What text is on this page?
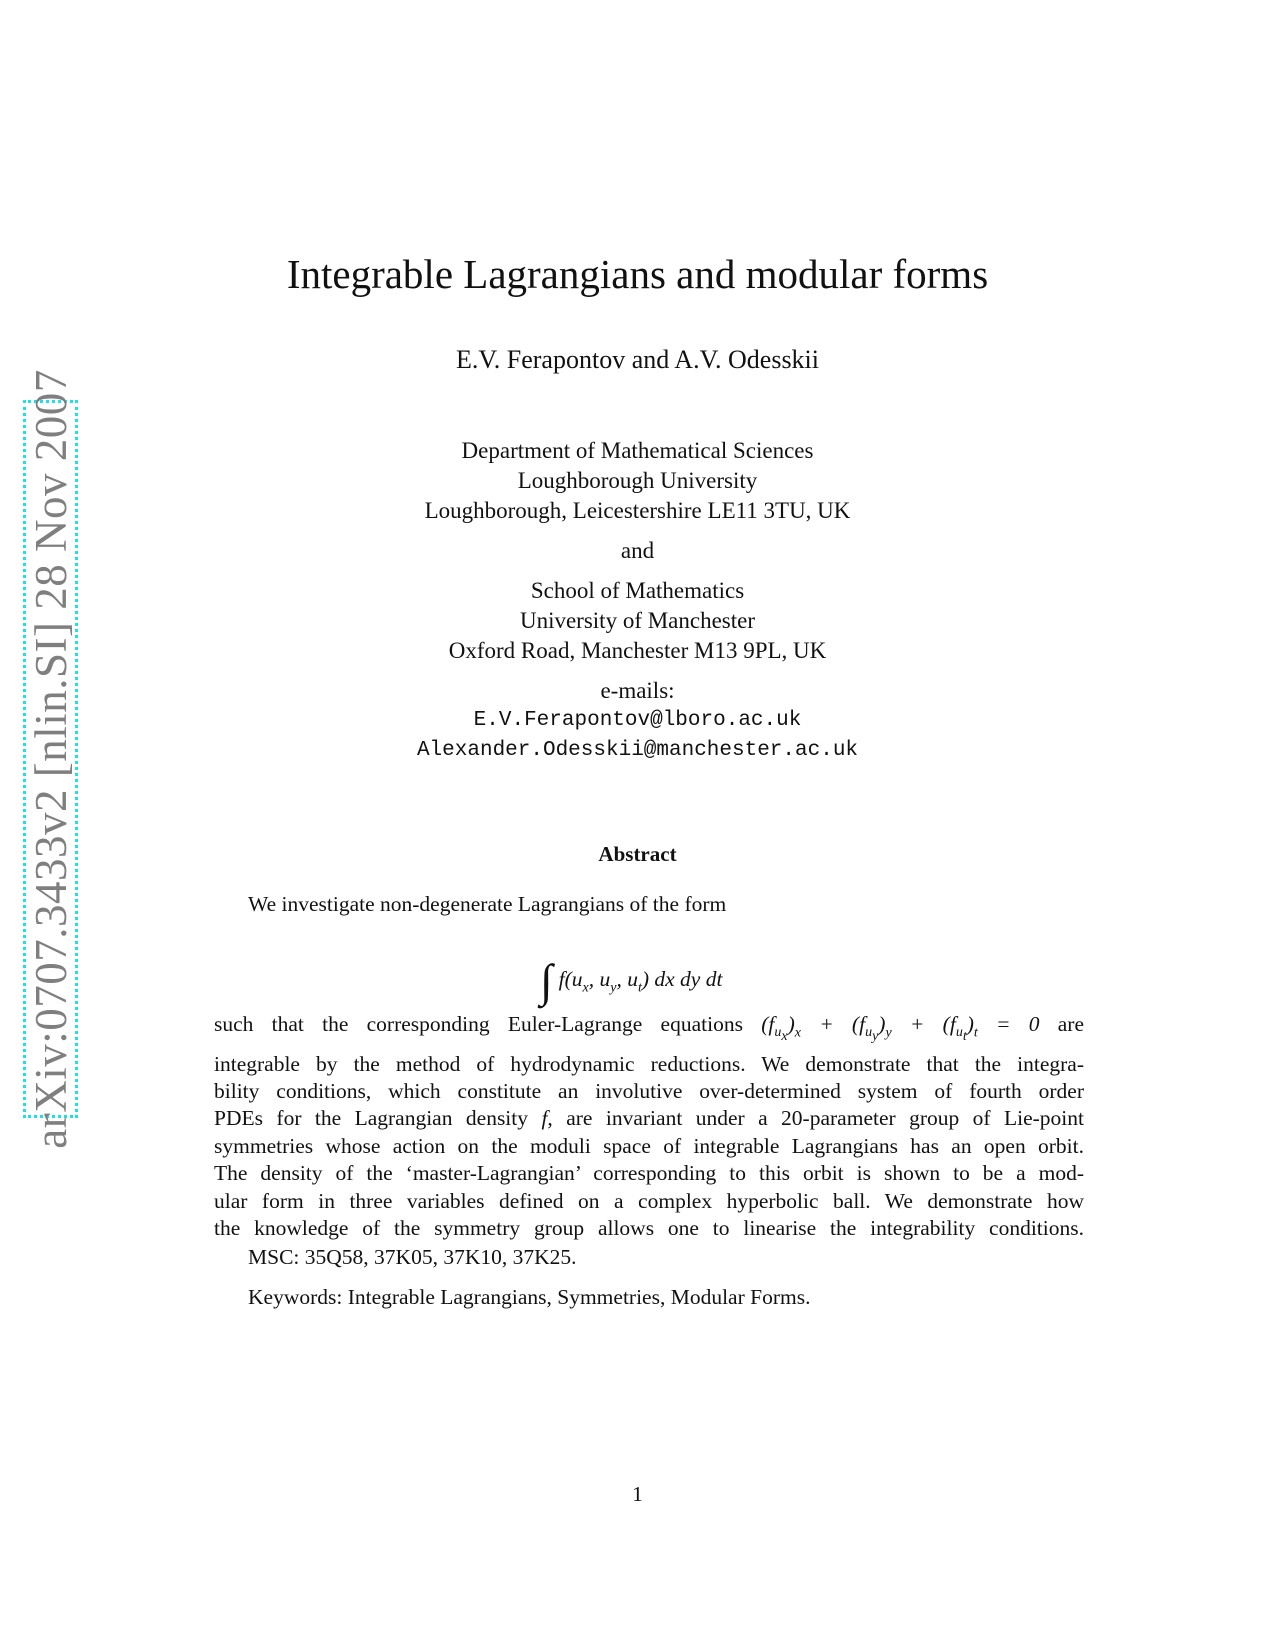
arXiv:0707.3433v2 [nlin.SI] 28 Nov 2007
Integrable Lagrangians and modular forms
E.V. Ferapontov and A.V. Odesskii
Department of Mathematical Sciences
Loughborough University
Loughborough, Leicestershire LE11 3TU, UK
and
School of Mathematics
University of Manchester
Oxford Road, Manchester M13 9PL, UK
e-mails:
E.V.Ferapontov@lboro.ac.uk
Alexander.Odesskii@manchester.ac.uk
Abstract
We investigate non-degenerate Lagrangians of the form
∫ $f(u_x$, $u_y$, $u_t$) dx dy dt
such that the corresponding Euler-Lagrange equations $(f_{u_x})_x + (f_{u_y})_y + (f_{u_t})_t = 0$ are
integrable by the method of hydrodynamic reductions. We demonstrate that the integra-
bility conditions, which constitute an involutive over-determined system of fourth order
PDEs for the Lagrangian density f, are invariant under a 20-parameter group of Lie-point
symmetries whose action on the moduli space of integrable Lagrangians has an open orbit.
The density of the ‘master-Lagrangian’ corresponding to this orbit is shown to be a mod-
ular form in three variables defined on a complex hyperbolic ball. We demonstrate how
the knowledge of the symmetry group allows one to linearise the integrability conditions.
MSC: 35Q58, 37K05, 37K10, 37K25.
Keywords: Integrable Lagrangians, Symmetries, Modular Forms.
1
